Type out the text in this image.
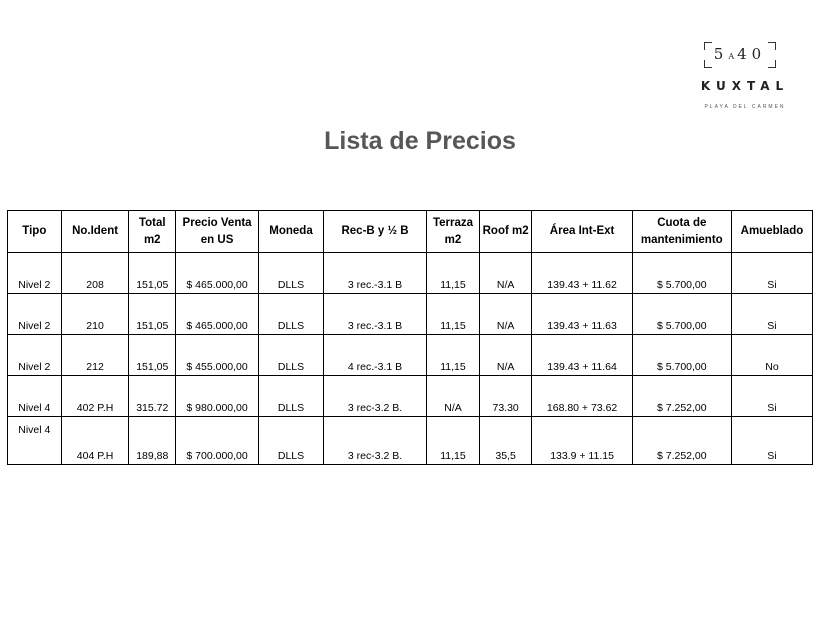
5A40
KUXTAL
PLAYA DEL CARMEN
Lista de Precios
Tipo	No.Ident	Total m2	Precio Venta en US	Moneda	Rec-B y ½ B	Terraza m2	Roof m2	Área Int-Ext	Cuota de mantenimiento	Amueblado
Nivel 2	208	151,05	$ 465.000,00	DLLS	3 rec.-3.1 B	11,15	N/A	139.43 + 11.62	$ 5.700,00	Si
Nivel 2	210	151,05	$ 465.000,00	DLLS	3 rec.-3.1 B	11,15	N/A	139.43 + 11.63	$ 5.700,00	Si
Nivel 2	212	151,05	$ 455.000,00	DLLS	4 rec.-3.1 B	11,15	N/A	139.43 + 11.64	$ 5.700,00	No
Nivel 4	402 P.H	315.72	$ 980.000,00	DLLS	3 rec-3.2 B.	N/A	73.30	168.80 + 73.62	$ 7.252,00	Si
Nivel 4	404 P.H	189,88	$ 700.000,00	DLLS	3 rec-3.2 B.	11,15	35,5	133.9 + 11.15	$ 7.252,00	Si
